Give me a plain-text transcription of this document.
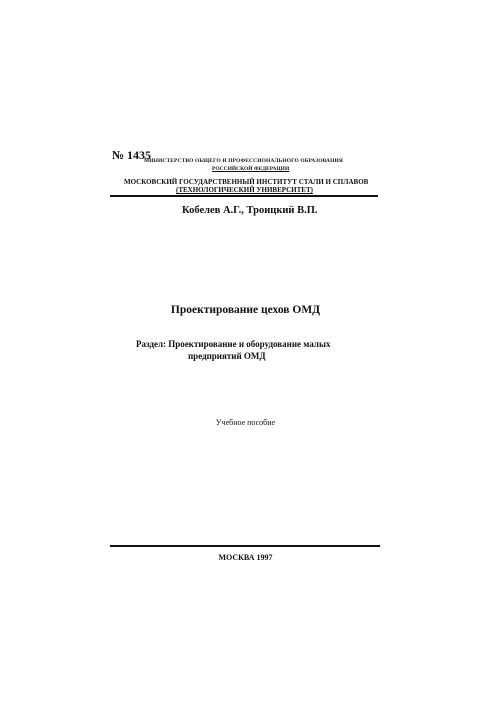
№ 1435
МИНИСТЕРСТВО ОБЩЕГО И ПРОФЕССИОНАЛЬНОГО ОБРАЗОВАНИЯ
РОССИЙСКОЙ ФЕДЕРАЦИИ
МОСКОВСКИЙ ГОСУДАРСТВЕННЫЙ ИНСТИТУТ СТАЛИ И СПЛАВОВ
(ТЕХНОЛОГИЧЕСКИЙ УНИВЕРСИТЕТ)
Кобелев А.Г., Троицкий В.П.
Проектирование цехов ОМД
Раздел: Проектирование и оборудование малых
предприятий ОМД
Учебное пособие
МОСКВА 1997
